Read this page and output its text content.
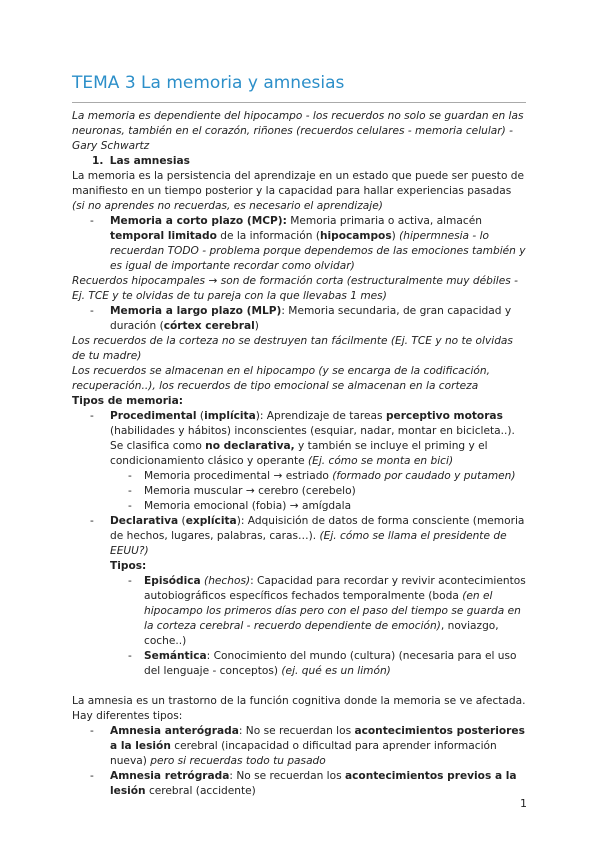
TEMA 3 La memoria y amnesias

La memoria es dependiente del hipocampo - los recuerdos no solo se guardan en las neuronas, también en el corazón, riñones (recuerdos celulares - memoria celular) - Gary Schwartz

1. Las amnesias

La memoria es la persistencia del aprendizaje en un estado que puede ser puesto de manifiesto en un tiempo posterior y la capacidad para hallar experiencias pasadas (si no aprendes no recuerdas, es necesario el aprendizaje)

- Memoria a corto plazo (MCP): Memoria primaria o activa, almacén temporal limitado de la información (hipocampos) (hipermnesia - lo recuerdan TODO - problema porque dependemos de las emociones también y es igual de importante recordar como olvidar)

Recuerdos hipocampales → son de formación corta (estructuralmente muy débiles - Ej. TCE y te olvidas de tu pareja con la que llevabas 1 mes)

- Memoria a largo plazo (MLP): Memoria secundaria, de gran capacidad y duración (córtex cerebral)

Los recuerdos de la corteza no se destruyen tan fácilmente (Ej. TCE y no te olvidas de tu madre)

Los recuerdos se almacenan en el hipocampo (y se encarga de la codificación, recuperación..), los recuerdos de tipo emocional se almacenan en la corteza

Tipos de memoria:

- Procedimental (implícita): Aprendizaje de tareas perceptivo motoras (habilidades y hábitos) inconscientes (esquiar, nadar, montar en bicicleta..). Se clasifica como no declarativa, y también se incluye el priming y el condicionamiento clásico y operante (Ej. cómo se monta en bici)
- Memoria procedimental → estriado (formado por caudado y putamen)
- Memoria muscular → cerebro (cerebelo)
- Memoria emocional (fobia) → amígdala
- Declarativa (explícita): Adquisición de datos de forma consciente (memoria de hechos, lugares, palabras, caras…). (Ej. cómo se llama el presidente de EEUU?)

Tipos:

- Episódica (hechos): Capacidad para recordar y revivir acontecimientos autobiográficos específicos fechados temporalmente (boda (en el hipocampo los primeros días pero con el paso del tiempo se guarda en la corteza cerebral - recuerdo dependiente de emoción), noviazgo, coche..)
- Semántica: Conocimiento del mundo (cultura) (necesaria para el uso del lenguaje - conceptos) (ej. qué es un limón)

La amnesia es un trastorno de la función cognitiva donde la memoria se ve afectada.

Hay diferentes tipos:

- Amnesia anterógrada: No se recuerdan los acontecimientos posteriores a la lesión cerebral (incapacidad o dificultad para aprender información nueva) pero si recuerdas todo tu pasado
- Amnesia retrógrada: No se recuerdan los acontecimientos previos a la lesión cerebral (accidente)
1
